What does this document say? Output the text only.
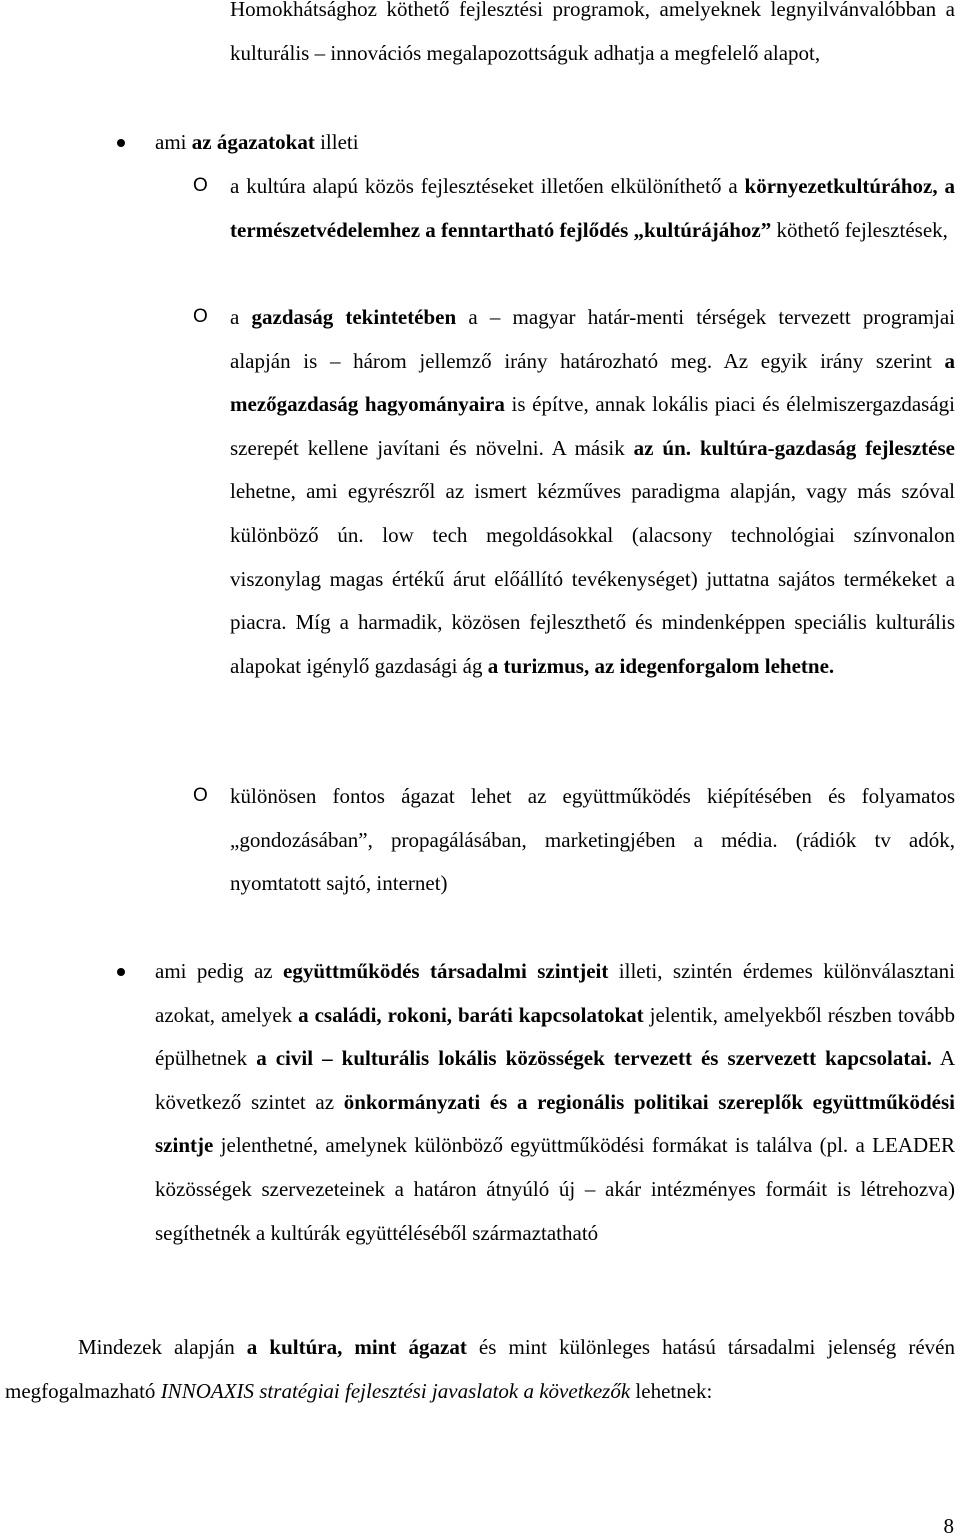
Homokhátsághoz köthető fejlesztési programok, amelyeknek legnyilvánvalóbban a kulturális – innovációs megalapozottságuk adhatja a megfelelő alapot,

ami az ágazatokat illeti

O a kultúra alapú közös fejlesztéseket illetően elkülöníthető a környezetkultúrához, a természetvédelemhez a fenntartható fejlődés „kultúrájához” köthető fejlesztések,

O a gazdaság tekintetében a – magyar határ-menti térségek tervezett programjai alapján is – három jellemző irány határozható meg. Az egyik irány szerint a mezőgazdaság hagyományaira is építve, annak lokális piaci és élelmiszergazdasági szerepét kellene javítani és növelni. A másik az ún. kultúra-gazdaság fejlesztése lehetne, ami egyrészről az ismert kézműves paradigma alapján, vagy más szóval különböző ún. low tech megoldásokkal (alacsony technológiai színvonalon viszonylag magas értékű árut előállító tevékenységet) juttatna sajátos termékeket a piacra. Míg a harmadik, közösen fejleszthető és mindenképpen speciális kulturális alapokat igénylő gazdasági ág a turizmus, az idegenforgalom lehetne.

O különösen fontos ágazat lehet az együttműködés kiépítésében és folyamatos „gondozásában”, propagálásában, marketingjében a média. (rádiók tv adók, nyomtatott sajtó, internet)

ami pedig az együttműködés társadalmi szintjeit illeti, szintén érdemes különválasztani azokat, amelyek a családi, rokoni, baráti kapcsolatokat jelentik, amelyekből részben tovább épülhetnek a civil – kulturális lokális közösségek tervezett és szervezett kapcsolatai. A következő szintet az önkormányzati és a regionális politikai szereplők együttműködési szintje jelenthetné, amelynek különböző együttműködési formákat is találva (pl. a LEADER közösségek szervezeteinek a határon átnyúló új – akár intézményes formáit is létrehozva) segíthetnék a kultúrák együttéléséből származtatható

Mindezek alapján a kultúra, mint ágazat és mint különleges hatású társadalmi jelenség révén megfogalmazható INNOAXIS stratégiai fejlesztési javaslatok a következők lehetnek:

8
